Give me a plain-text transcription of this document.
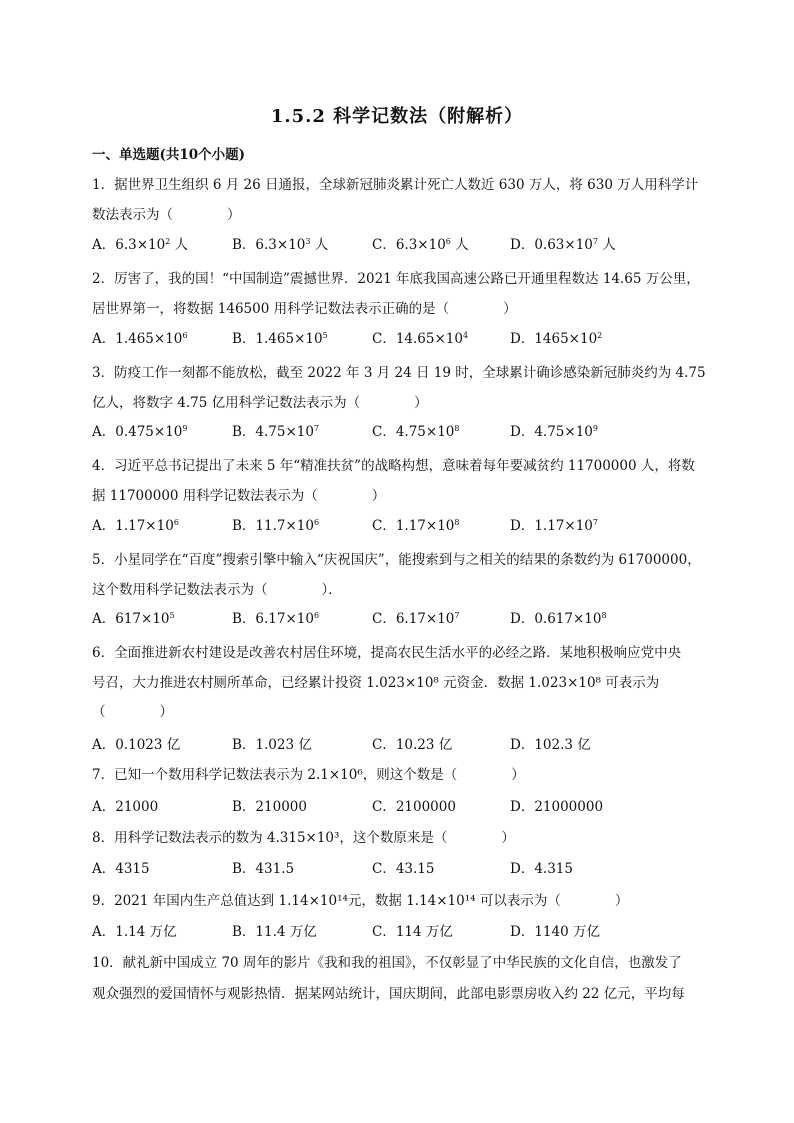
1.5.2 科学记数法（附解析）
一、单选题(共10个小题)
1．据世界卫生组织 6 月 26 日通报，全球新冠肺炎累计死亡人数近 630 万人，将 630 万人用科学计
数法表示为（　　　　）
A．$6.3\times 10^2$ 人	B．$6.3\times 10^3$ 人	C．$6.3\times 10^6$ 人	D．$0.63\times 10^7$ 人
2．厉害了，我的国！“中国制造”震撼世界．2021 年底我国高速公路已开通里程数达 14.65 万公里，
居世界第一，将数据 146500 用科学记数法表示正确的是（　　　　）
A．$1.465\times 10^6$	B．$1.465\times 10^5$	C．$14.65\times 10^4$	D．$1465\times 10^2$
3．防疫工作一刻都不能放松，截至 2022 年 3 月 24 日 19 时，全球累计确诊感染新冠肺炎约为 4.75
亿人，将数字 4.75 亿用科学记数法表示为（　　　　）
A．$0.475\times 10^9$	B．$4.75\times 10^7$	C．$4.75\times 10^8$	D．$4.75\times 10^9$
4．习近平总书记提出了未来 5 年“精准扶贫”的战略构想，意味着每年要减贫约 11700000 人，将数
据 11700000 用科学记数法表示为（　　　　）
A．$1.17\times 10^6$	B．$11.7\times 10^6$	C．$1.17\times 10^8$	D．$1.17\times 10^7$
5．小星同学在“百度”搜索引擎中输入“庆祝国庆”，能搜索到与之相关的结果的条数约为 61700000，
这个数用科学记数法表示为（　　　　）．
A．$617\times 10^5$	B．$6.17\times 10^6$	C．$6.17\times 10^7$	D．$0.617\times 10^8$
6．全面推进新农村建设是改善农村居住环境，提高农民生活水平的必经之路．某地积极响应党中央
号召，大力推进农村厕所革命，已经累计投资 1.023×10⁸ 元资金．数据 1.023×10⁸ 可表示为
（　　　　）
A．0.1023 亿	B．1.023 亿	C．10.23 亿	D．102.3 亿
7．已知一个数用科学记数法表示为 2.1×10⁶，则这个数是（　　　　）
A．21000	B．210000	C．2100000	D．21000000
8．用科学记数法表示的数为 4.315×10³，这个数原来是（　　　　）
A．4315	B．431.5	C．43.15	D．4.315
9．2021 年国内生产总值达到 1.14×10¹⁴元，数据 1.14×10¹⁴ 可以表示为（　　　　）
A．1.14 万亿	B．11.4 万亿	C．114 万亿	D．1140 万亿
10．献礼新中国成立 70 周年的影片《我和我的祖国》，不仅彰显了中华民族的文化自信，也激发了
观众强烈的爱国情怀与观影热情．据某网站统计，国庆期间，此部电影票房收入约 22 亿元，平均每
